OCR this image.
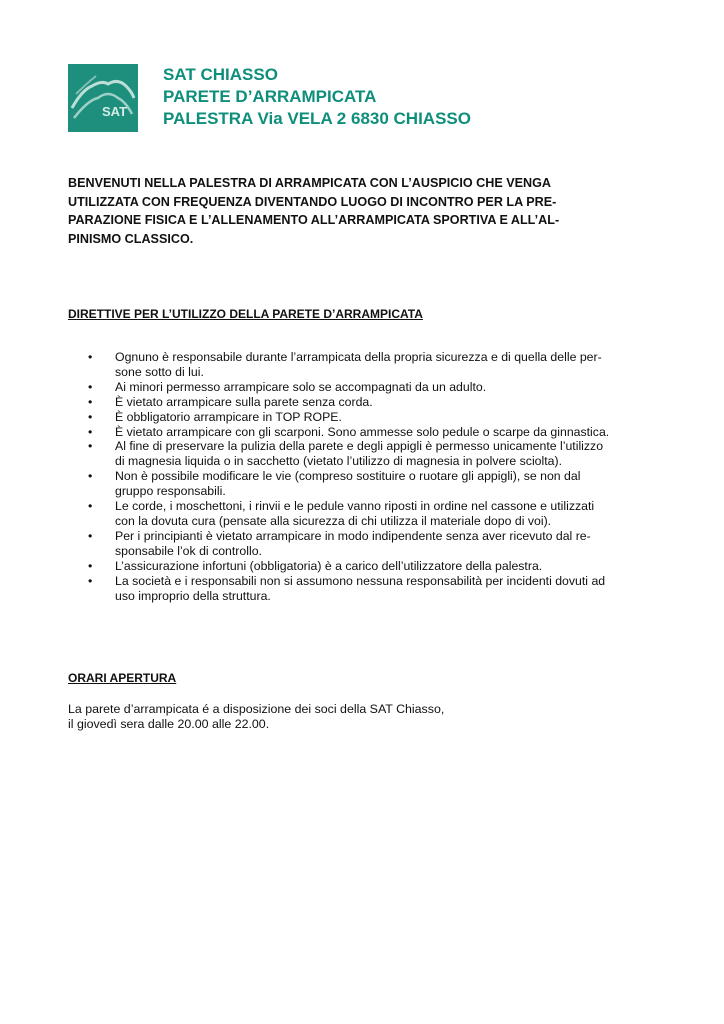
SAT
SAT CHIASSO
PARETE D’ARRAMPICATA
PALESTRA Via VELA 2 6830 CHIASSO
BENVENUTI NELLA PALESTRA DI ARRAMPICATA CON L’AUSPICIO CHE VENGA
UTILIZZATA CON FREQUENZA DIVENTANDO LUOGO DI INCONTRO PER LA PRE-
PARAZIONE FISICA E L’ALLENAMENTO ALL’ARRAMPICATA SPORTIVA E ALL’AL-
PINISMO CLASSICO.
DIRETTIVE PER L’UTILIZZO DELLA PARETE D’ARRAMPICATA
• Ognuno è responsabile durante l’arrampicata della propria sicurezza e di quella delle per-
sone sotto di lui.
• Ai minori permesso arrampicare solo se accompagnati da un adulto.
• È vietato arrampicare sulla parete senza corda.
• È obbligatorio arrampicare in TOP ROPE.
• È vietato arrampicare con gli scarponi. Sono ammesse solo pedule o scarpe da ginnastica.
• Al fine di preservare la pulizia della parete e degli appigli è permesso unicamente l’utilizzo
di magnesia liquida o in sacchetto (vietato l’utilizzo di magnesia in polvere sciolta).
• Non è possibile modificare le vie (compreso sostituire o ruotare gli appigli), se non dal
gruppo responsabili.
• Le corde, i moschettoni, i rinvii e le pedule vanno riposti in ordine nel cassone e utilizzati
con la dovuta cura (pensate alla sicurezza di chi utilizza il materiale dopo di voi).
• Per i principianti è vietato arrampicare in modo indipendente senza aver ricevuto dal re-
sponsabile l’ok di controllo.
• L’assicurazione infortuni (obbligatoria) è a carico dell’utilizzatore della palestra.
• La società e i responsabili non si assumono nessuna responsabilità per incidenti dovuti ad
uso improprio della struttura.
ORARI APERTURA
La parete d’arrampicata é a disposizione dei soci della SAT Chiasso,
il giovedì sera dalle 20.00 alle 22.00.
